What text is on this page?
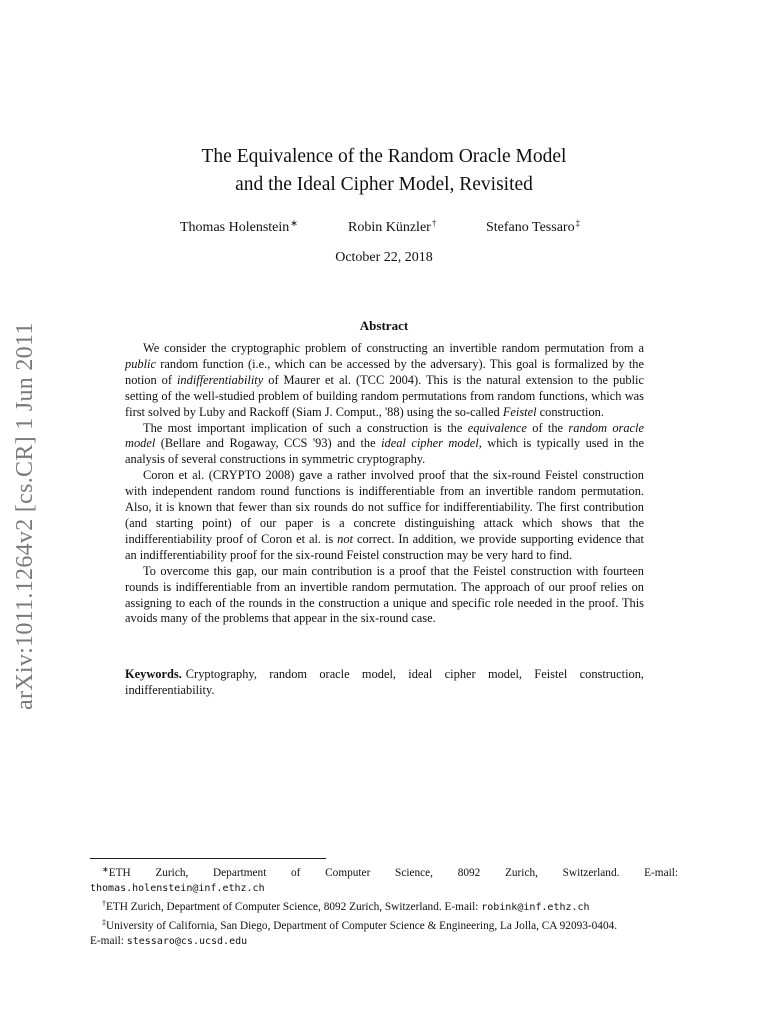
arXiv:1011.1264v2 [cs.CR] 1 Jun 2011
The Equivalence of the Random Oracle Model
and the Ideal Cipher Model, Revisited
Thomas Holenstein∗	Robin Künzler†	Stefano Tessaro‡
October 22, 2018
Abstract

We consider the cryptographic problem of constructing an invertible random permutation from a public random function (i.e., which can be accessed by the adversary). This goal is formalized by the notion of indifferentiability of Maurer et al. (TCC 2004). This is the natural extension to the public setting of the well-studied problem of building random permutations from random functions, which was first solved by Luby and Rackoff (Siam J. Comput., '88) using the so-called Feistel construction.

The most important implication of such a construction is the equivalence of the random oracle model (Bellare and Rogaway, CCS '93) and the ideal cipher model, which is typically used in the analysis of several constructions in symmetric cryptography.

Coron et al. (CRYPTO 2008) gave a rather involved proof that the six-round Feistel construction with independent random round functions is indifferentiable from an invertible random permutation. Also, it is known that fewer than six rounds do not suffice for indifferentiability. The first contribution (and starting point) of our paper is a concrete distinguishing attack which shows that the indifferentiability proof of Coron et al. is not correct. In addition, we provide supporting evidence that an indifferentiability proof for the six-round Feistel construction may be very hard to find.

To overcome this gap, our main contribution is a proof that the Feistel construction with fourteen rounds is indifferentiable from an invertible random permutation. The approach of our proof relies on assigning to each of the rounds in the construction a unique and specific role needed in the proof. This avoids many of the problems that appear in the six-round case.

Keywords. Cryptography, random oracle model, ideal cipher model, Feistel construction, indifferentiability.

∗ETH Zurich, Department of Computer Science, 8092 Zurich, Switzerland. E-mail:

thomas.holenstein@inf.ethz.ch

†ETH Zurich, Department of Computer Science, 8092 Zurich, Switzerland. E-mail: robink@inf.ethz.ch

‡University of California, San Diego, Department of Computer Science & Engineering, La Jolla, CA 92093-0404.

E-mail: stessaro@cs.ucsd.edu
